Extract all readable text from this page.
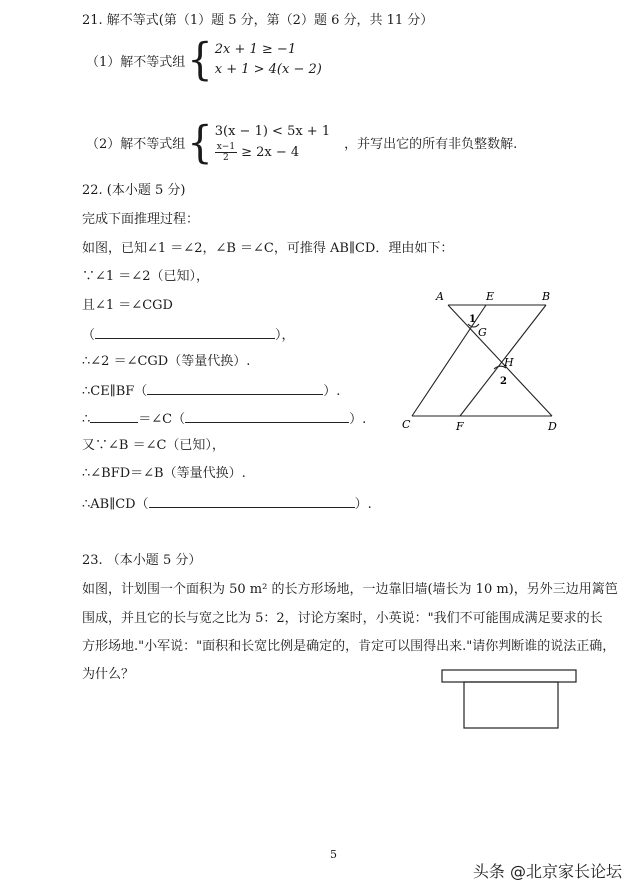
21. 解不等式(第（1）题 5 分，第（2）题 6 分，共 11 分）
（1）解不等式组 { 2x + 1 ≥ −1
x + 1 > 4(x − 2)
（2）解不等式组 { 3(x − 1) < 5x + 1
$\frac{x-1}{2} \ge 2x - 4$
，并写出它的所有非负整数解.
22. (本小题 5 分)
完成下面推理过程：
如图，已知∠1 ＝∠2，∠B ＝∠C，可推得 AB∥CD．理由如下：
∵∠1 ＝∠2（已知），
且∠1 ＝∠CGD
（	），
∴∠2 ＝∠CGD（等量代换）.
∴CE∥BF（	）.
∴	＝∠C（	）.
又∵∠B ＝∠C（已知），
∴∠BFD＝∠B（等量代换）.
∴AB∥CD（	）.
A	E	B
G
H
C	F	D
1
2
23. （本小题 5 分）
如图，计划围一个面积为 50 m² 的长方形场地，一边靠旧墙(墙长为 10 m)，另外三边用篱笆
围成，并且它的长与宽之比为 5：2，讨论方案时，小英说："我们不可能围成满足要求的长
方形场地."小军说："面积和长宽比例是确定的，肯定可以围得出来."请你判断谁的说法正确，
为什么？
5
头条 @北京家长论坛
